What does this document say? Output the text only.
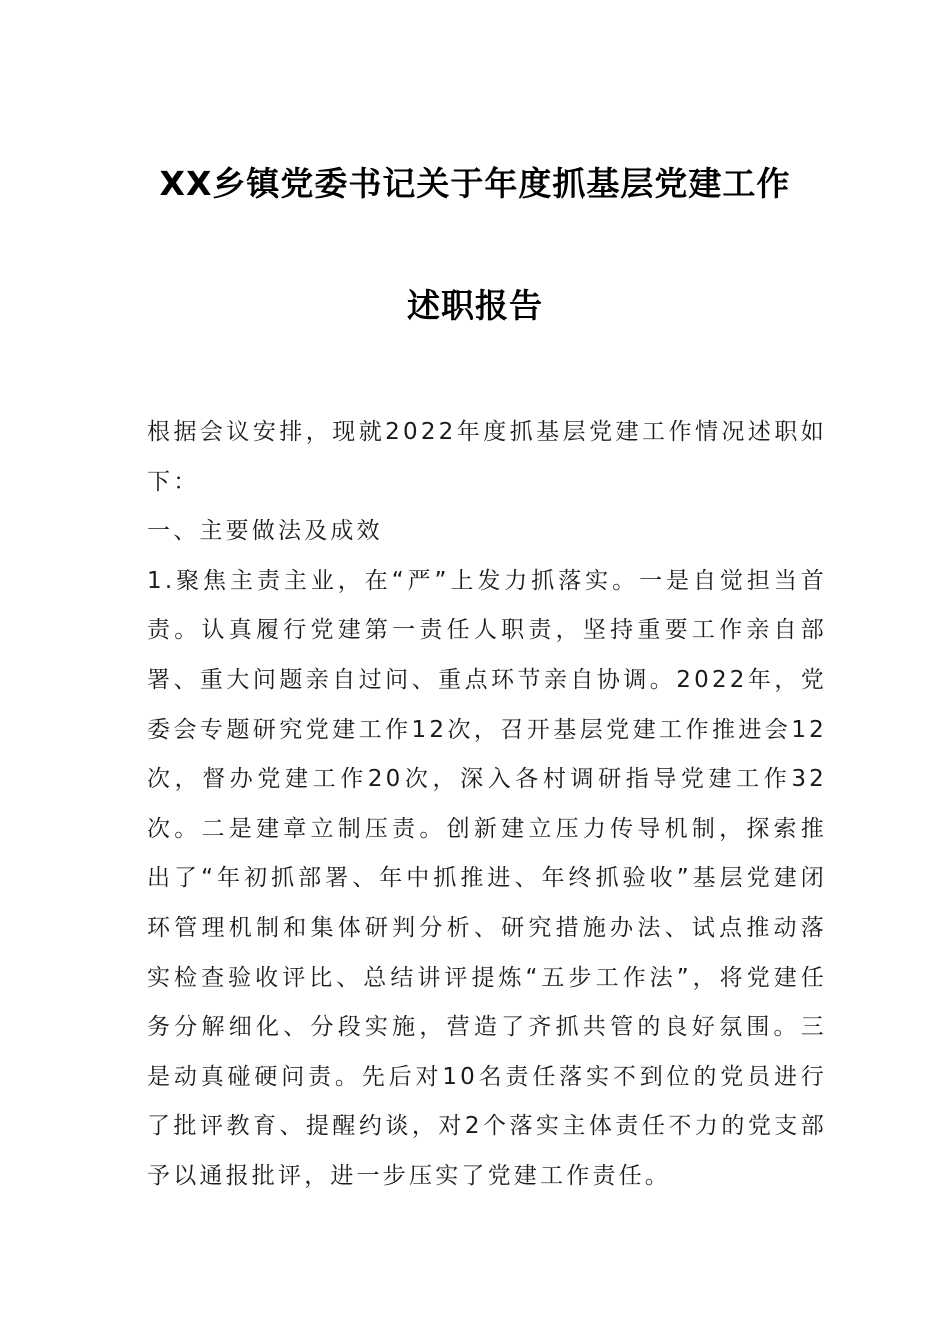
XX乡镇党委书记关于年度抓基层党建工作
述职报告

根据会议安排，现就2022年度抓基层党建工作情况述职如下：

一、主要做法及成效

1.聚焦主责主业，在“严”上发力抓落实。一是自觉担当首责。认真履行党建第一责任人职责，坚持重要工作亲自部署、重大问题亲自过问、重点环节亲自协调。2022年，党委会专题研究党建工作12次，召开基层党建工作推进会12次，督办党建工作20次，深入各村调研指导党建工作32次。二是建章立制压责。创新建立压力传导机制，探索推出了“年初抓部署、年中抓推进、年终抓验收”基层党建闭环管理机制和集体研判分析、研究措施办法、试点推动落实检查验收评比、总结讲评提炼“五步工作法”，将党建任务分解细化、分段实施，营造了齐抓共管的良好氛围。三是动真碰硬问责。先后对10名责任落实不到位的党员进行了批评教育、提醒约谈，对2个落实主体责任不力的党支部予以通报批评，进一步压实了党建工作责任。
